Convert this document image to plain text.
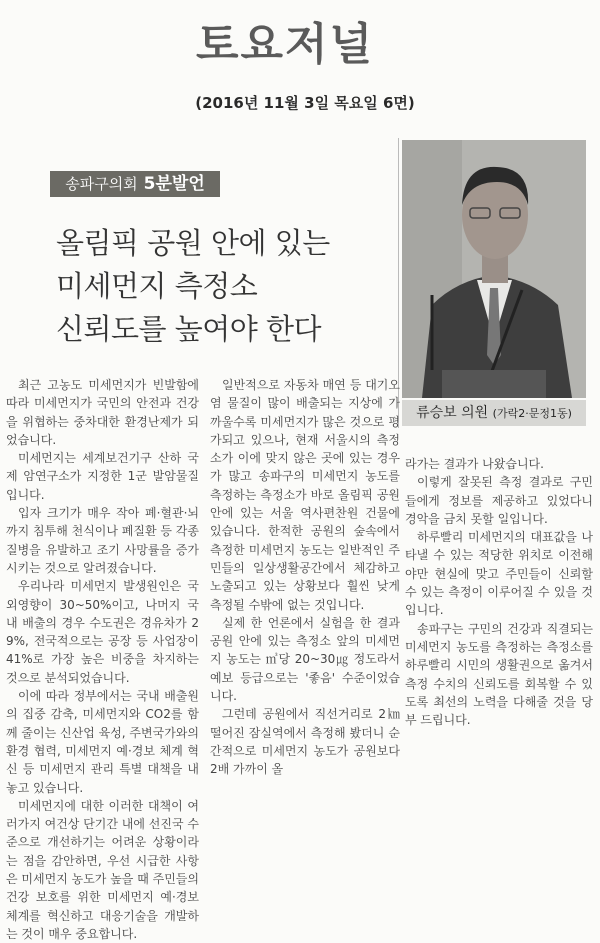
토요저널
(2016년 11월 3일 목요일 6면)
송파구의회 5분발언
올림픽 공원 안에 있는
미세먼지 측정소
신뢰도를 높여야 한다
류승보 의원 (가락2·문정1동)

최근 고농도 미세먼지가 빈발함에 따라 미세먼지가 국민의 안전과 건강을 위협하는 중차대한 환경난제가 되었습니다.

미세먼지는 세계보건기구 산하 국제 암연구소가 지정한 1군 발암물질입니다.

입자 크기가 매우 작아 폐·혈관·뇌까지 침투해 천식이나 폐질환 등 각종 질병을 유발하고 조기 사망률을 증가시키는 것으로 알려졌습니다.

우리나라 미세먼지 발생원인은 국외영향이 30~50%이고, 나머지 국내 배출의 경우 수도권은 경유차가 29%, 전국적으로는 공장 등 사업장이 41%로 가장 높은 비중을 차지하는 것으로 분석되었습니다.

이에 따라 정부에서는 국내 배출원의 집중 감축, 미세먼지와 CO2를 함께 줄이는 신산업 육성, 주변국가와의 환경 협력, 미세먼지 예·경보 체계 혁신 등 미세먼지 관리 특별 대책을 내놓고 있습니다.

미세먼지에 대한 이러한 대책이 여러가지 여건상 단기간 내에 선진국 수준으로 개선하기는 어려운 상황이라는 점을 감안하면, 우선 시급한 사항은 미세먼지 농도가 높을 때 주민들의 건강 보호를 위한 미세먼지 예·경보 체계를 혁신하고 대응기술을 개발하는 것이 매우 중요합니다.

일반적으로 자동차 매연 등 대기오염 물질이 많이 배출되는 지상에 가까울수록 미세먼지가 많은 것으로 평가되고 있으나, 현재 서울시의 측정소가 이에 맞지 않은 곳에 있는 경우가 많고 송파구의 미세먼지 농도를 측정하는 측정소가 바로 올림픽 공원 안에 있는 서울 역사편찬원 건물에 있습니다. 한적한 공원의 숲속에서 측정한 미세먼지 농도는 일반적인 주민들의 일상생활공간에서 체감하고 노출되고 있는 상황보다 훨씬 낮게 측정될 수밖에 없는 것입니다.

실제 한 언론에서 실험을 한 결과 공원 안에 있는 측정소 앞의 미세먼지 농도는 ㎥당 20~30㎍ 정도라서 예보 등급으로는 '좋음' 수준이었습니다.

그런데 공원에서 직선거리로 2㎞ 떨어진 잠실역에서 측정해 봤더니 순간적으로 미세먼지 농도가 공원보다 2배 가까이 올

라가는 결과가 나왔습니다.

이렇게 잘못된 측정 결과로 구민들에게 정보를 제공하고 있었다니 경악을 금치 못할 일입니다.

하루빨리 미세먼지의 대표값을 나타낼 수 있는 적당한 위치로 이전해야만 현실에 맞고 주민들이 신뢰할 수 있는 측정이 이루어질 수 있을 것입니다.

송파구는 구민의 건강과 직결되는 미세먼지 농도를 측정하는 측정소를 하루빨리 시민의 생활권으로 옮겨서 측정 수치의 신뢰도를 회복할 수 있도록 최선의 노력을 다해줄 것을 당부 드립니다.
